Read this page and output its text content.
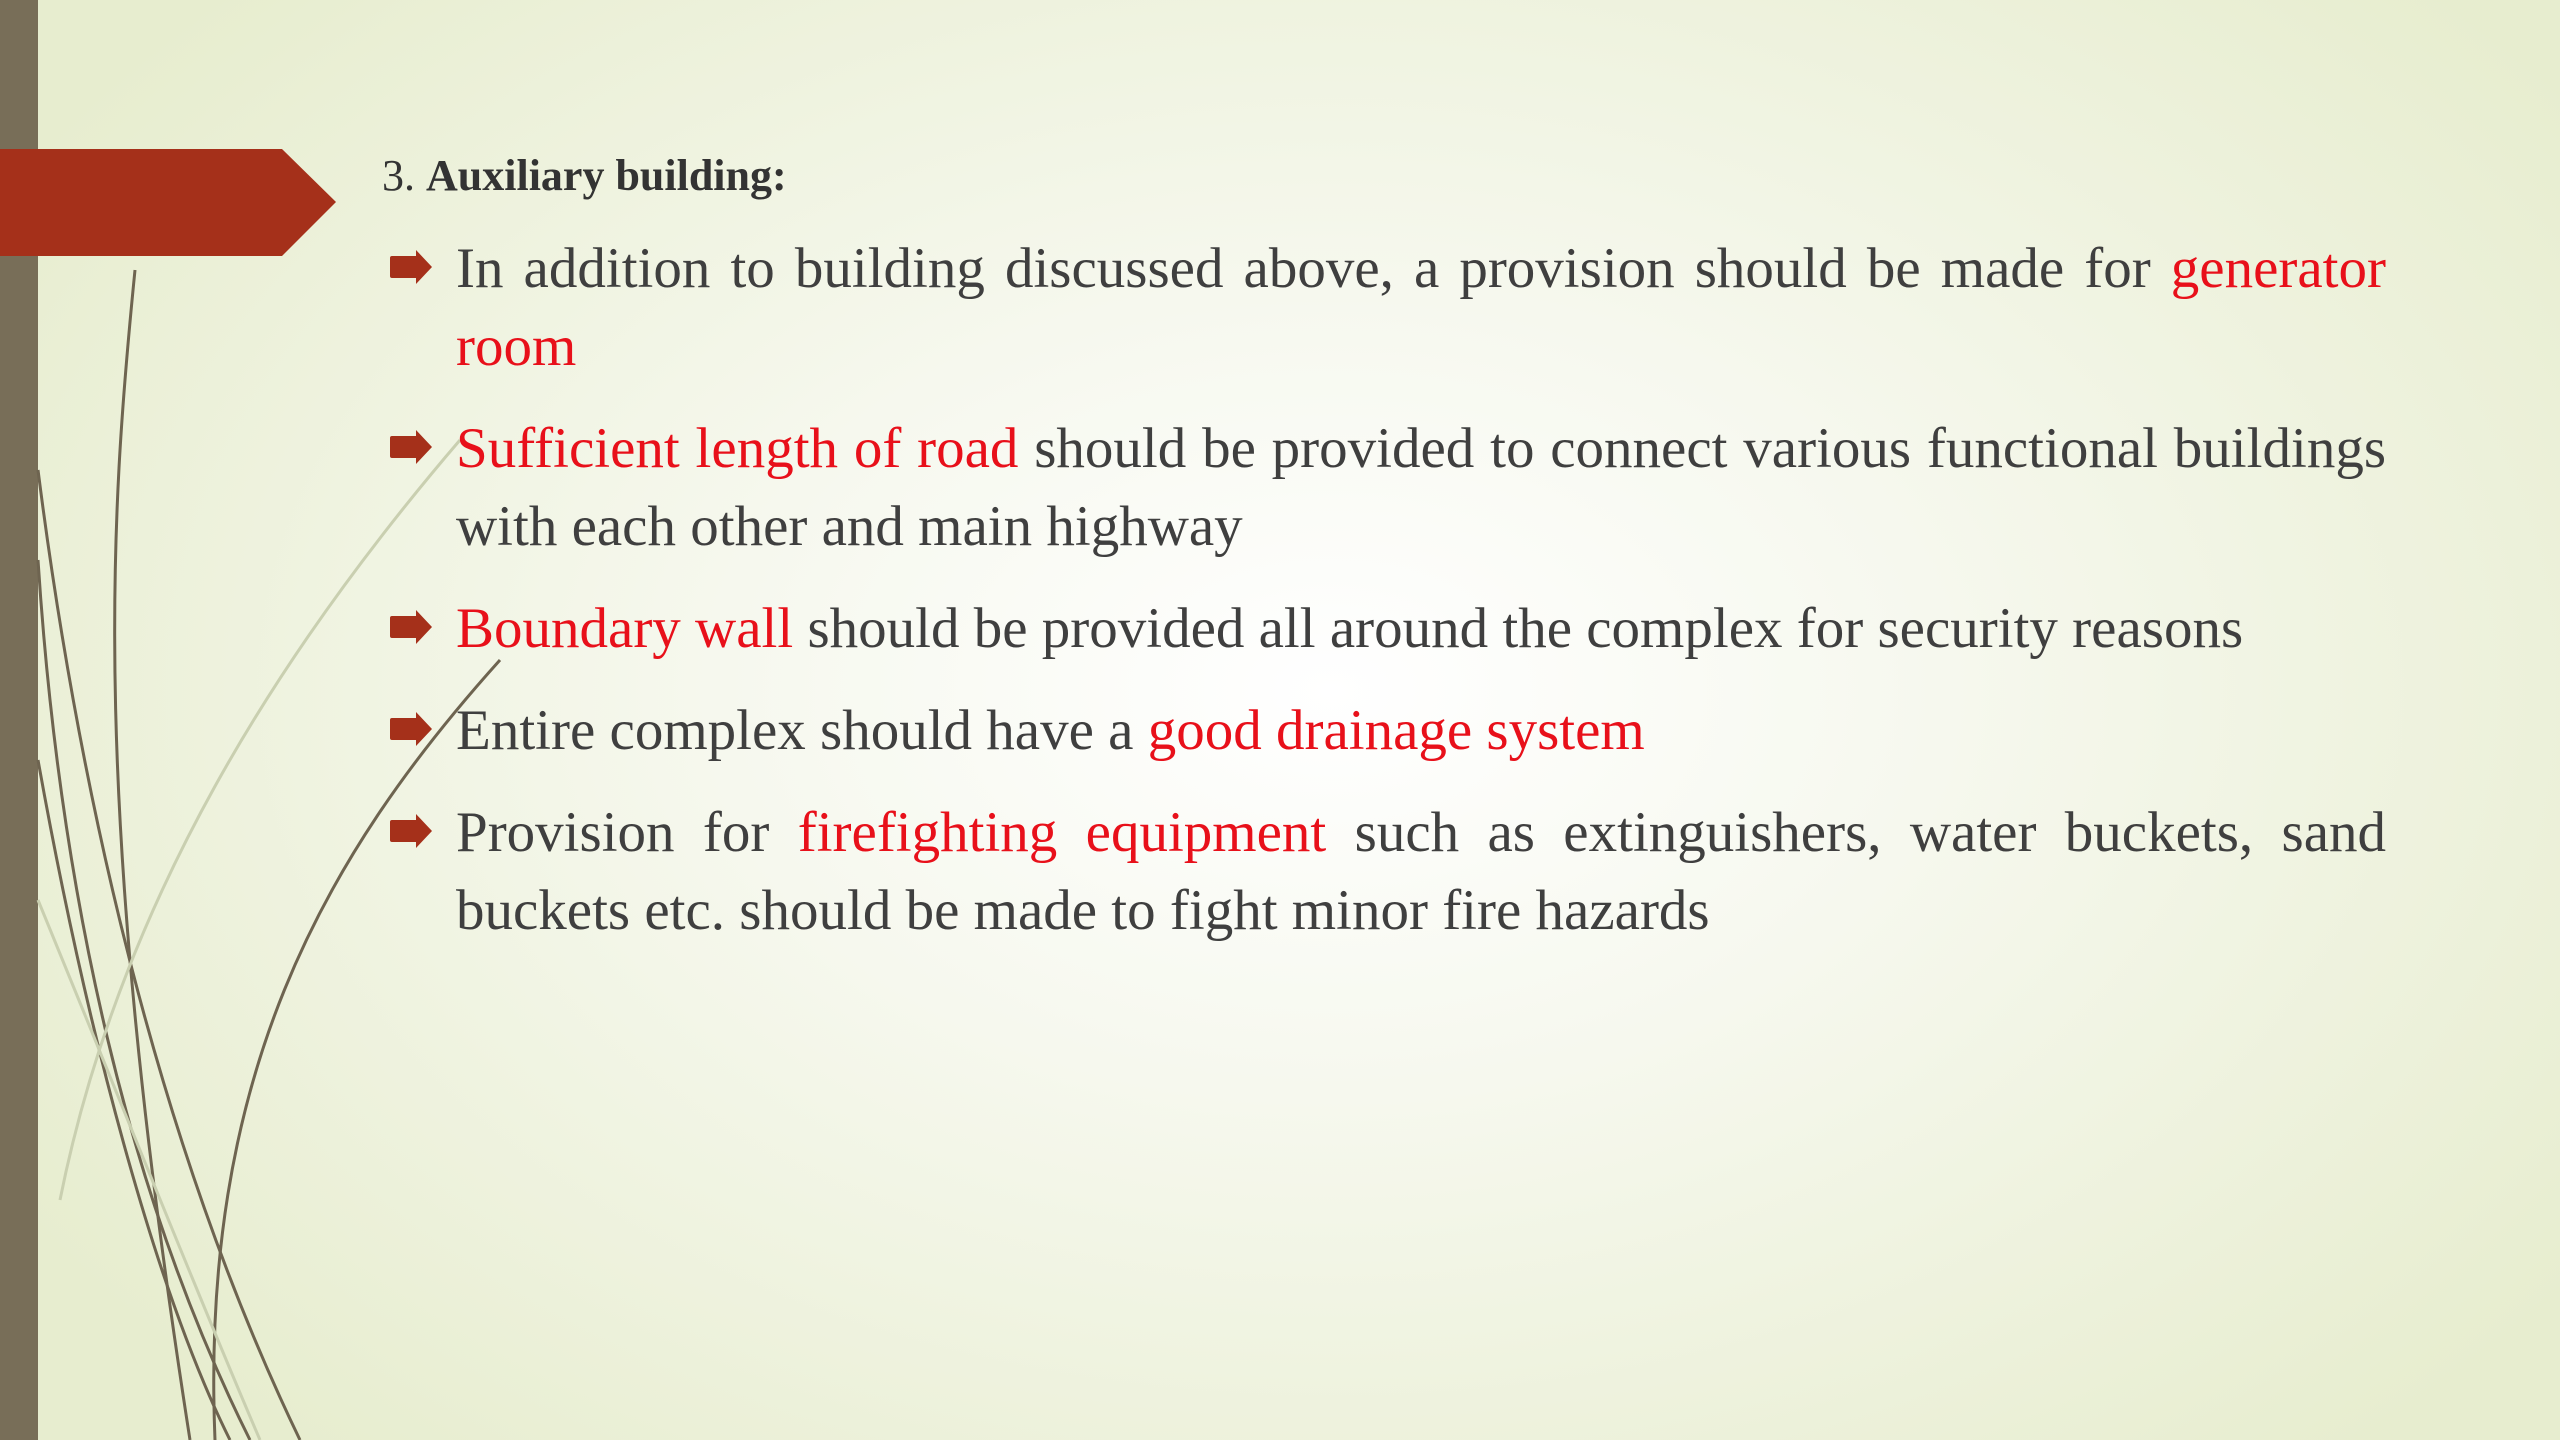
3. Auxiliary building:

In addition to building discussed above, a provision should be made for generator room
Sufficient length of road should be provided to connect various functional buildings with each other and main highway
Boundary wall should be provided all around the complex for security reasons
Entire complex should have a good drainage system
Provision for firefighting equipment such as extinguishers, water buckets, sand buckets etc. should be made to fight minor fire hazards
